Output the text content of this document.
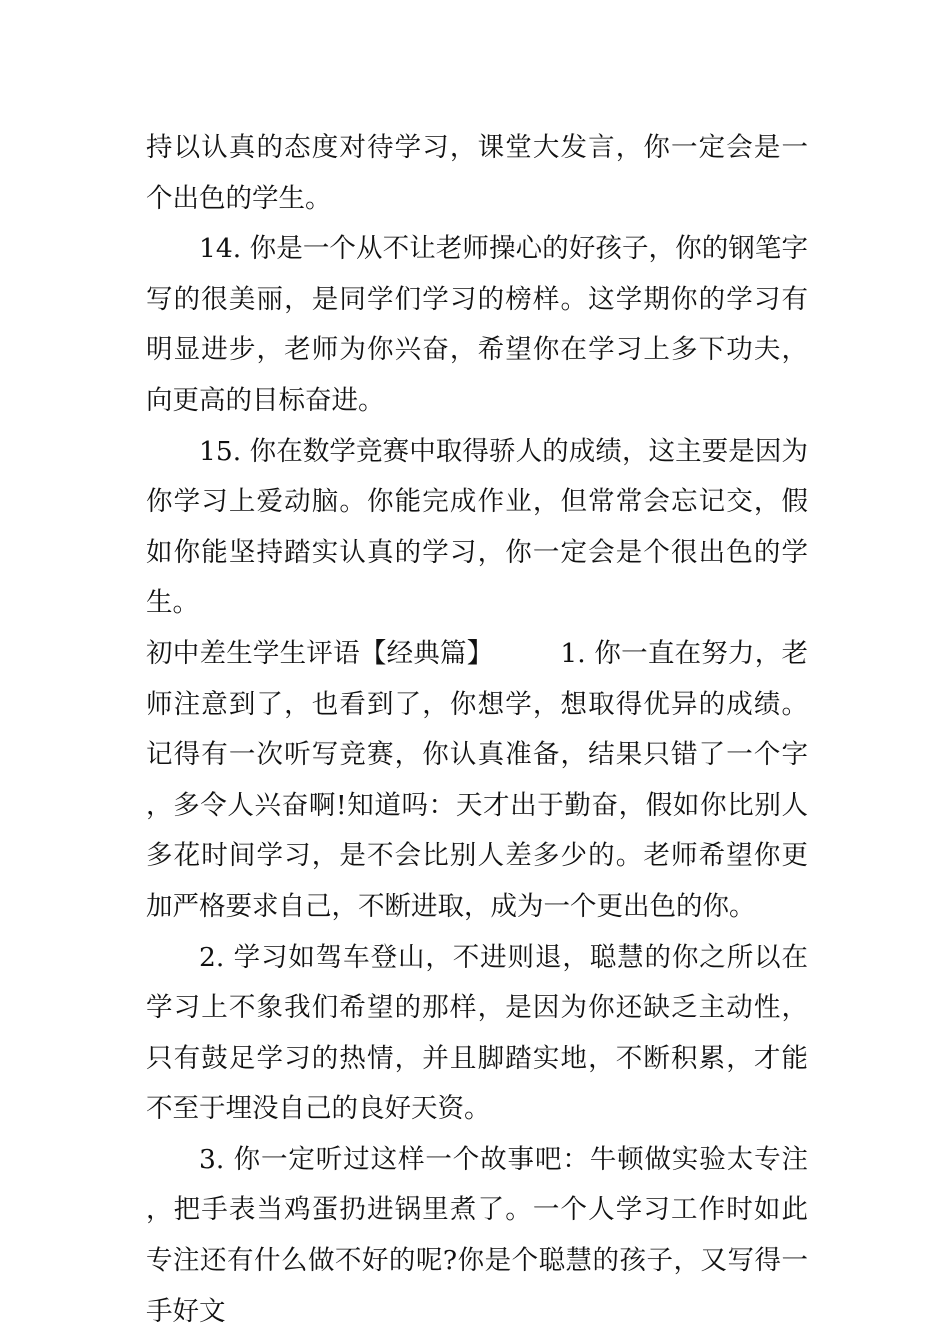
持以认真的态度对待学习，课堂大发言，你一定会是一个出色的学生。

14. 你是一个从不让老师操心的好孩子，你的钢笔字写的很美丽，是同学们学习的榜样。这学期你的学习有明显进步，老师为你兴奋，希望你在学习上多下功夫，向更高的目标奋进。

15. 你在数学竞赛中取得骄人的成绩，这主要是因为你学习上爱动脑。你能完成作业，但常常会忘记交，假如你能坚持踏实认真的学习，你一定会是个很出色的学生。

初中差生学生评语【经典篇】　　　1. 你一直在努力，老师注意到了，也看到了，你想学，想取得优异的成绩。记得有一次听写竞赛，你认真准备，结果只错了一个字，多令人兴奋啊!知道吗：天才出于勤奋，假如你比别人多花时间学习，是不会比别人差多少的。老师希望你更加严格要求自己，不断进取，成为一个更出色的你。

2. 学习如驾车登山，不进则退，聪慧的你之所以在学习上不象我们希望的那样，是因为你还缺乏主动性，只有鼓足学习的热情，并且脚踏实地，不断积累，才能不至于埋没自己的良好天资。

3. 你一定听过这样一个故事吧：牛顿做实验太专注，把手表当鸡蛋扔进锅里煮了。一个人学习工作时如此专注还有什么做不好的呢?你是个聪慧的孩子，又写得一手好文
